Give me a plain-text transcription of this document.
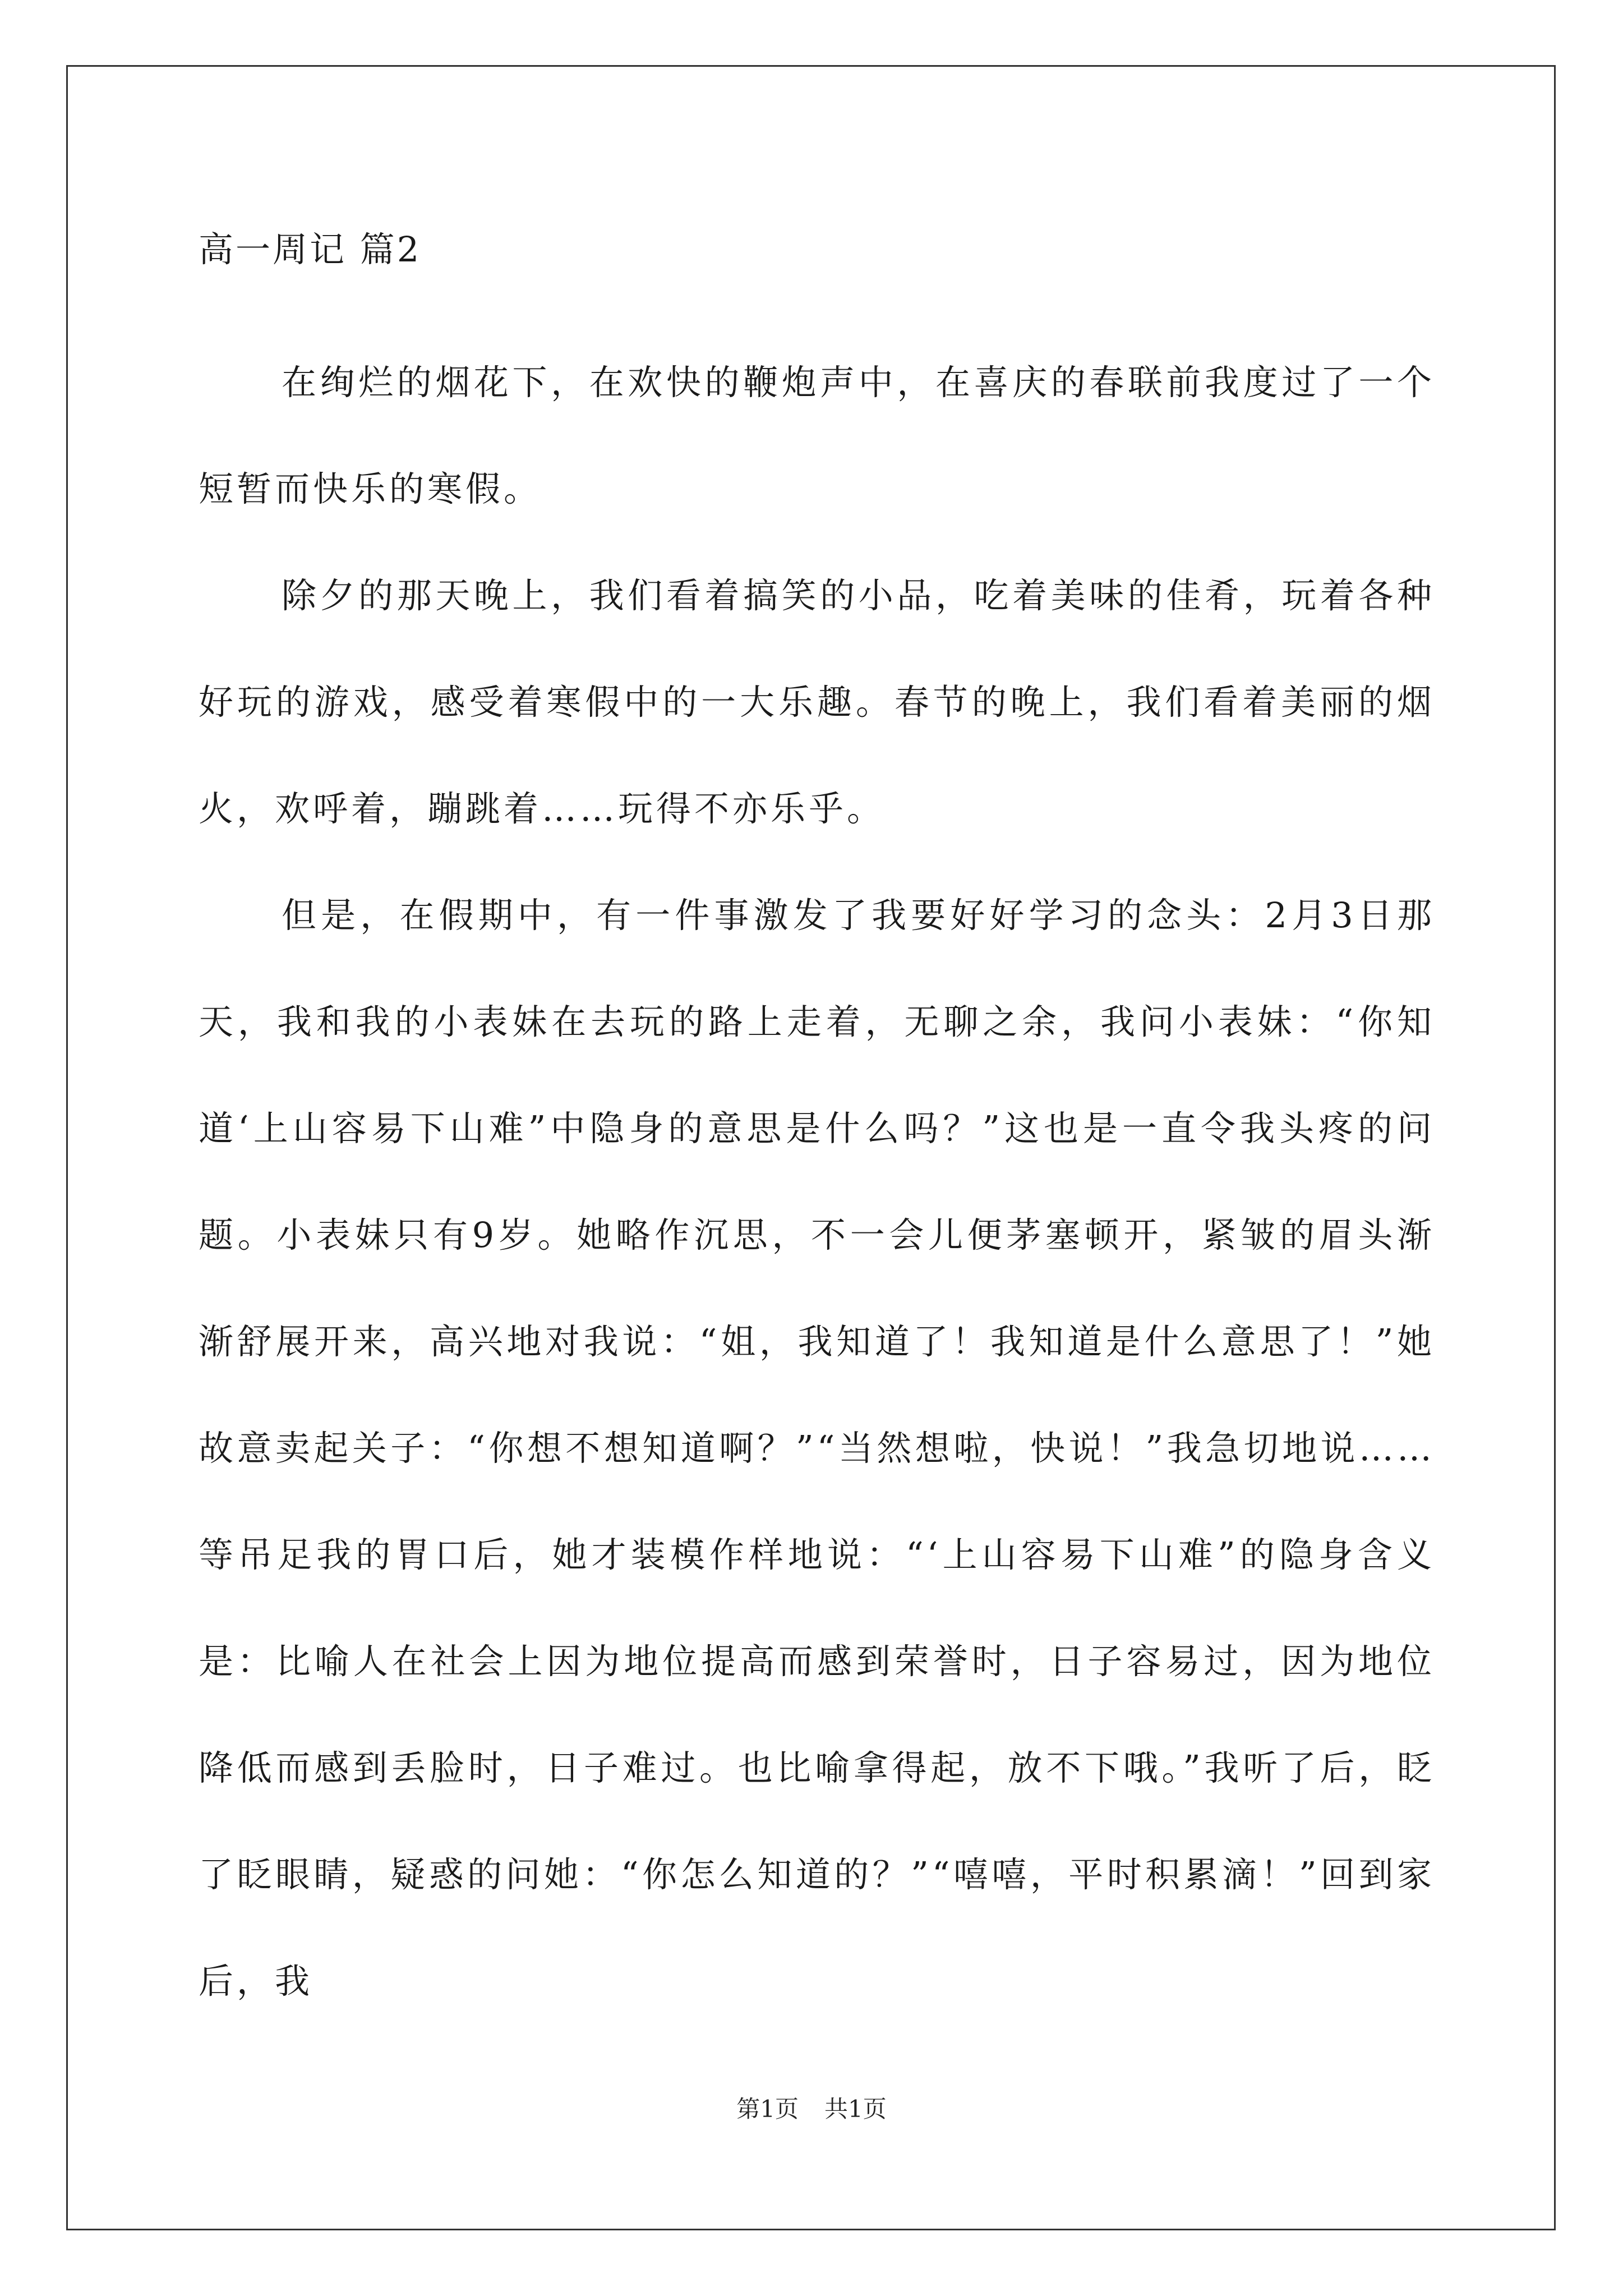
高一周记 篇2

在绚烂的烟花下，在欢快的鞭炮声中，在喜庆的春联前我度过了一个短暂而快乐的寒假。

除夕的那天晚上，我们看着搞笑的小品，吃着美味的佳肴，玩着各种好玩的游戏，感受着寒假中的一大乐趣。春节的晚上，我们看着美丽的烟火，欢呼着，蹦跳着……玩得不亦乐乎。

但是，在假期中，有一件事激发了我要好好学习的念头：2月3日那天，我和我的小表妹在去玩的路上走着，无聊之余，我问小表妹：“你知道‘上山容易下山难”中隐身的意思是什么吗？”这也是一直令我头疼的问题。小表妹只有9岁。她略作沉思，不一会儿便茅塞顿开，紧皱的眉头渐渐舒展开来，高兴地对我说：“姐，我知道了！我知道是什么意思了！”她故意卖起关子：“你想不想知道啊？”“当然想啦，快说！”我急切地说……等吊足我的胃口后，她才装模作样地说：“‘上山容易下山难”的隐身含义是：比喻人在社会上因为地位提高而感到荣誉时，日子容易过，因为地位降低而感到丢脸时，日子难过。也比喻拿得起，放不下哦。”我听了后，眨了眨眼睛，疑惑的问她：“你怎么知道的？”“嘻嘻，平时积累滴！”回到家后，我

第1页 共1页
